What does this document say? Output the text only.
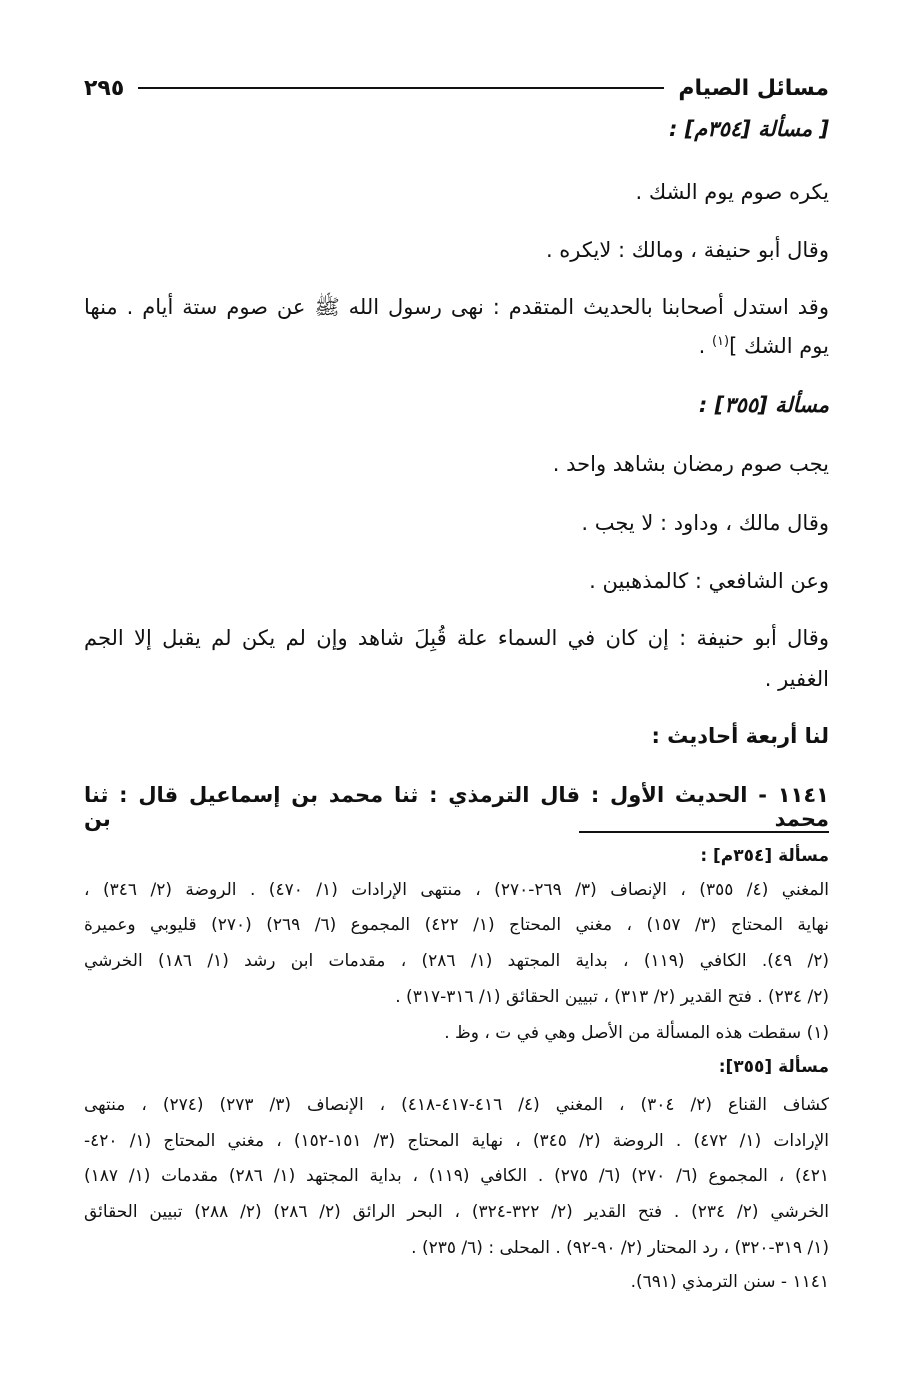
مسائل الصيام
٢٩٥
[ مسألة [٣٥٤م] :
يكره صوم يوم الشك .
وقال أبو حنيفة ، ومالك : لايكره .
وقد استدل أصحابنا بالحديث المتقدم : نهى رسول الله ﷺ عن صوم ستة أيام . منها
يوم الشك ]$^{(١)}$ .
مسألة [٣٥٥] :
يجب صوم رمضان بشاهد واحد .
وقال مالك ، وداود : لا يجب .
وعن الشافعي : كالمذهبين .
وقال أبو حنيفة : إن كان في السماء علة قُبِلَ شاهد وإن لم يكن لم يقبل إلا الجم
الغفير .
لنا أربعة أحاديث :
١١٤١ - الحديث الأول : قال الترمذي : ثنا محمد بن إسماعيل قال : ثنا محمد بن
مسألة [٣٥٤م] :
المغني (٤/ ٣٥٥) ، الإنصاف (٣/ ٢٦٩-٢٧٠) ، منتهى الإرادات (١/ ٤٧٠) . الروضة (٢/ ٣٤٦) ،
نهاية المحتاج (٣/ ١٥٧) ، مغني المحتاج (١/ ٤٢٢) المجموع (٦/ ٢٦٩) (٢٧٠) قليوبي وعميرة
(٢/ ٤٩). الكافي (١١٩) ، بداية المجتهد (١/ ٢٨٦) ، مقدمات ابن رشد (١/ ١٨٦) الخرشي
(٢/ ٢٣٤) . فتح القدير (٢/ ٣١٣) ، تبيين الحقائق (١/ ٣١٦-٣١٧) .
(١) سقطت هذه المسألة من الأصل وهي في ت ، وظ .
مسألة [٣٥٥]:
كشاف القناع (٢/ ٣٠٤) ، المغني (٤/ ٤١٦-٤١٧-٤١٨) ، الإنصاف (٣/ ٢٧٣) (٢٧٤) ، منتهى
الإرادات (١/ ٤٧٢) . الروضة (٢/ ٣٤٥) ، نهاية المحتاج (٣/ ١٥١-١٥٢) ، مغني المحتاج (١/ ٤٢٠-
٤٢١) ، المجموع (٦/ ٢٧٠) (٦/ ٢٧٥) . الكافي (١١٩) ، بداية المجتهد (١/ ٢٨٦) مقدمات (١/ ١٨٧)
الخرشي (٢/ ٢٣٤) . فتح القدير (٢/ ٣٢٢-٣٢٤) ، البحر الرائق (٢/ ٢٨٦) (٢/ ٢٨٨) تبيين الحقائق
(١/ ٣١٩-٣٢٠) ، رد المحتار (٢/ ٩٠-٩٢) . المحلى : (٦/ ٢٣٥) .
١١٤١ - سنن الترمذي (٦٩١).
